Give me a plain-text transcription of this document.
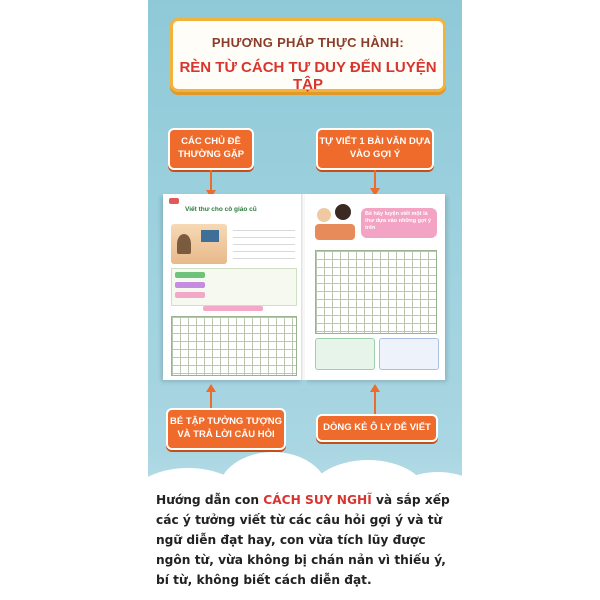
PHƯƠNG PHÁP THỰC HÀNH:
RÈN TỪ CÁCH TƯ DUY ĐẾN LUYỆN TẬP
CÁC CHỦ ĐỀ THƯỜNG GẶP
TỰ VIẾT 1 BÀI VĂN DỰA VÀO GỢI Ý
Viết thư cho cô giáo cũ
Bé hãy luyện viết một lá thư dựa vào những gợi ý trên
BÉ TẬP TƯỞNG TƯỢNG VÀ TRẢ LỜI CÂU HỎI
DÒNG KẺ Ô LY DỄ VIẾT
Hướng dẫn con CÁCH SUY NGHĨ và sắp xếp các ý tưởng viết từ các câu hỏi gợi ý và từ ngữ diễn đạt hay, con vừa tích lũy được ngôn từ, vừa không bị chán nản vì thiếu ý, bí từ, không biết cách diễn đạt.
